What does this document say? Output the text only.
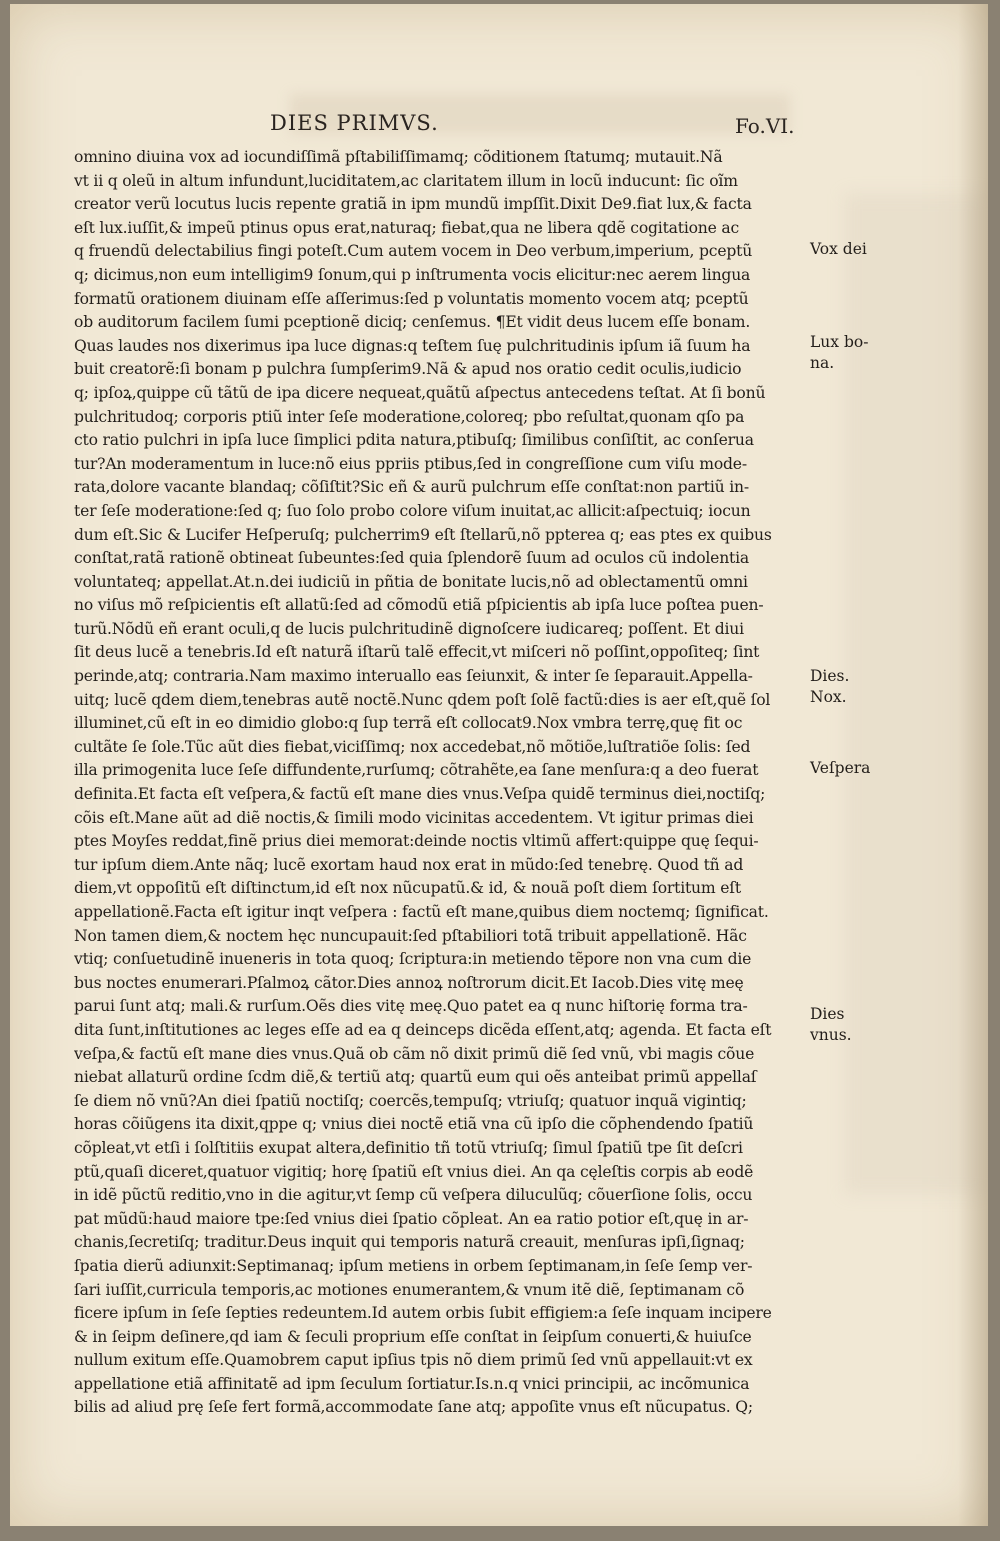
DIES PRIMVS.	Fo.VI.
omnino diuina vox ad iocundiſſimã pſtabiliſſimamq; cõditionem ſtatumq; mutauit.Nã
vt ii q oleũ in altum infundunt,luciditatem,ac claritatem illum in locũ inducunt: ſic oĩm
creator verũ locutus lucis repente gratiã in ipm mundũ impſſit.Dixit De9.fiat lux,& facta
eſt lux.iuſſit,& impeũ ptinus opus erat,naturaq; fiebat,qua ne libera qdẽ cogitatione ac
q fruendũ delectabilius fingi poteſt.Cum autem vocem in Deo verbum,imperium, pceptũ
q; dicimus,non eum intelligim9 ſonum,qui p inſtrumenta vocis elicitur:nec aerem lingua
formatũ orationem diuinam eſſe aſſerimus:ſed p voluntatis momento vocem atq; pceptũ
ob auditorum facilem ſumi pceptionẽ diciq; cenſemus. ¶Et vidit deus lucem eſſe bonam.
Quas laudes nos dixerimus ipa luce dignas:q teſtem ſuę pulchritudinis ipſum iã ſuum ha
buit creatorẽ:ſi bonam p pulchra ſumpſerim9.Nã & apud nos oratio cedit oculis,iudicio
q; ipſoꝝ,quippe cũ tãtũ de ipa dicere nequeat,quãtũ aſpectus antecedens teſtat. At ſi bonũ
pulchritudoq; corporis ptiũ inter ſeſe moderatione,coloreq; pbo reſultat,quonam qſo pa
cto ratio pulchri in ipſa luce ſimplici pdita natura,ptibuſq; ſimilibus conſiſtit, ac conſerua
tur?An moderamentum in luce:nõ eius ppriis ptibus,ſed in congreſſione cum viſu mode-
rata,dolore vacante blandaq; cõſiſtit?Sic eñ & aurũ pulchrum eſſe conſtat:non partiũ in-
ter ſeſe moderatione:ſed q; ſuo ſolo probo colore viſum inuitat,ac allicit:aſpectuiq; iocun
dum eſt.Sic & Lucifer Heſperuſq; pulcherrim9 eſt ſtellarũ,nõ ppterea q; eas ptes ex quibus
conſtat,ratã rationẽ obtineat ſubeuntes:ſed quia ſplendorẽ ſuum ad oculos cũ indolentia
voluntateq; appellat.At.n.dei iudiciũ in pñtia de bonitate lucis,nõ ad oblectamentũ omni
no viſus mõ reſpicientis eſt allatũ:ſed ad cõmodũ etiã pſpicientis ab ipſa luce poſtea puen-
turũ.Nõdũ eñ erant oculi,q de lucis pulchritudinẽ dignoſcere iudicareq; poſſent. Et diui
ſit deus lucẽ a tenebris.Id eſt naturã iſtarũ talẽ effecit,vt miſceri nõ poſſint,oppoſiteq; ſint
perinde,atq; contraria.Nam maximo interuallo eas ſeiunxit, & inter ſe ſeparauit.Appella-
uitq; lucẽ qdem diem,tenebras autẽ noctẽ.Nunc qdem poſt ſolẽ factũ:dies is aer eſt,quẽ ſol
illuminet,cũ eſt in eo dimidio globo:q ſup terrã eſt collocat9.Nox vmbra terrę,quę fit oc
cultãte ſe ſole.Tũc aũt dies fiebat,viciſſimq; nox accedebat,nõ mõtiõe,luſtratiõe ſolis: ſed
illa primogenita luce ſeſe diffundente,rurſumq; cõtrahẽte,ea ſane menſura:q a deo fuerat
definita.Et facta eſt veſpera,& factũ eſt mane dies vnus.Veſpa quidẽ terminus diei,noctiſq;
cõis eſt.Mane aũt ad diẽ noctis,& ſimili modo vicinitas accedentem. Vt igitur primas diei
ptes Moyſes reddat,finẽ prius diei memorat:deinde noctis vltimũ affert:quippe quę ſequi-
tur ipſum diem.Ante nãq; lucẽ exortam haud nox erat in mũdo:ſed tenebrę. Quod tñ ad
diem,vt oppoſitũ eſt diſtinctum,id eſt nox nũcupatũ.& id, & nouã poſt diem ſortitum eſt
appellationẽ.Facta eſt igitur inqt veſpera : factũ eſt mane,quibus diem noctemq; ſignificat.
Non tamen diem,& noctem hęc nuncupauit:ſed pſtabiliori totã tribuit appellationẽ. Hãc
vtiq; conſuetudinẽ inueneris in tota quoq; ſcriptura:in metiendo tẽpore non vna cum die
bus noctes enumerari.Pſalmoꝝ cãtor.Dies annoꝝ noſtrorum dicit.Et Iacob.Dies vitę meę
parui ſunt atq; mali.& rurſum.Oẽs dies vitę meę.Quo patet ea q nunc hiſtorię forma tra-
dita ſunt,inſtitutiones ac leges eſſe ad ea q deinceps dicẽda eſſent,atq; agenda. Et facta eſt
veſpa,& factũ eſt mane dies vnus.Quã ob cãm nõ dixit primũ diẽ ſed vnũ, vbi magis cõue
niebat allaturũ ordine ſcdm diẽ,& tertiũ atq; quartũ eum qui oẽs anteibat primũ appellaſ
ſe diem nõ vnũ?An diei ſpatiũ noctiſq; coercẽs,tempuſq; vtriuſq; quatuor inquã vigintiq;
horas cõiũgens ita dixit,qppe q; vnius diei noctẽ etiã vna cũ ipſo die cõphendendo ſpatiũ
cõpleat,vt etſi i ſolſtitiis exupat altera,definitio tñ totũ vtriuſq; ſimul ſpatiũ tpe ſit deſcri
ptũ,quaſi diceret,quatuor vigitiq; horę ſpatiũ eſt vnius diei. An qa cęleſtis corpis ab eodẽ
in idẽ pũctũ reditio,vno in die agitur,vt ſemp cũ veſpera diluculũq; cõuerſione ſolis, occu
pat mũdũ:haud maiore tpe:ſed vnius diei ſpatio cõpleat. An ea ratio potior eſt,quę in ar-
chanis,ſecretiſq; traditur.Deus inquit qui temporis naturã creauit, menſuras ipſi,ſignaq;
ſpatia dierũ adiunxit:Septimanaq; ipſum metiens in orbem ſeptimanam,in ſeſe ſemp ver-
ſari iuſſit,curricula temporis,ac motiones enumerantem,& vnum itẽ diẽ, ſeptimanam cõ
ficere ipſum in ſeſe ſepties redeuntem.Id autem orbis ſubit effigiem:a ſeſe inquam incipere
& in ſeipm deſinere,qd iam & ſeculi proprium eſſe conſtat in ſeipſum conuerti,& huiuſce
nullum exitum eſſe.Quamobrem caput ipſius tpis nõ diem primũ ſed vnũ appellauit:vt ex
appellatione etiã affinitatẽ ad ipm ſeculum ſortiatur.Is.n.q vnici principii, ac incõmunica
bilis ad aliud prę ſeſe fert formã,accommodate ſane atq; appoſite vnus eſt nũcupatus. Q;
Vox dei
Lux bo-
na.
Dies.
Nox.
Veſpera
Dies
vnus.
